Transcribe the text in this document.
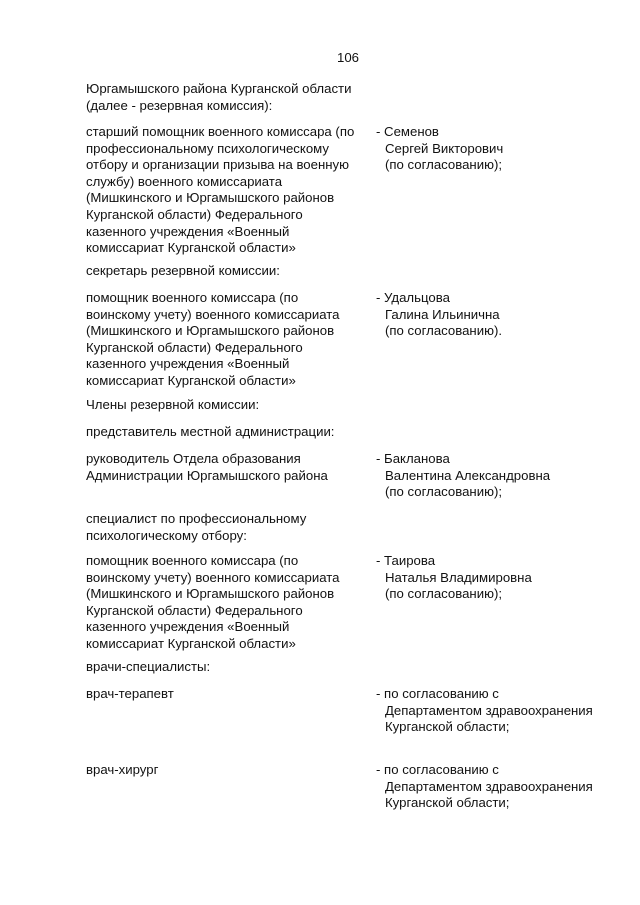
106
Юргамышского района Курганской области
(далее - резервная комиссия):
старший помощник военного комиссара (по
профессиональному психологическому
отбору и организации призыва на военную
службу) военного комиссариата
(Мишкинского и Юргамышского районов
Курганской области) Федерального
казенного учреждения «Военный
комиссариат Курганской области»
- Семенов
Сергей Викторович
(по согласованию);
секретарь резервной комиссии:
помощник военного комиссара (по
воинскому учету) военного комиссариата
(Мишкинского и Юргамышского районов
Курганской области) Федерального
казенного учреждения «Военный
комиссариат Курганской области»
- Удальцова
Галина Ильинична
(по согласованию).
Члены резервной комиссии:
представитель местной администрации:
руководитель Отдела образования
Администрации Юргамышского района
- Бакланова
Валентина Александровна
(по согласованию);
специалист по профессиональному
психологическому отбору:
помощник военного комиссара (по
воинскому учету) военного комиссариата
(Мишкинского и Юргамышского районов
Курганской области) Федерального
казенного учреждения «Военный
комиссариат Курганской области»
- Таирова
Наталья Владимировна
(по согласованию);
врачи-специалисты:
врач-терапевт	- по согласованию с
Департаментом здравоохранения
Курганской области;
врач-хирург	- по согласованию с
Департаментом здравоохранения
Курганской области;
